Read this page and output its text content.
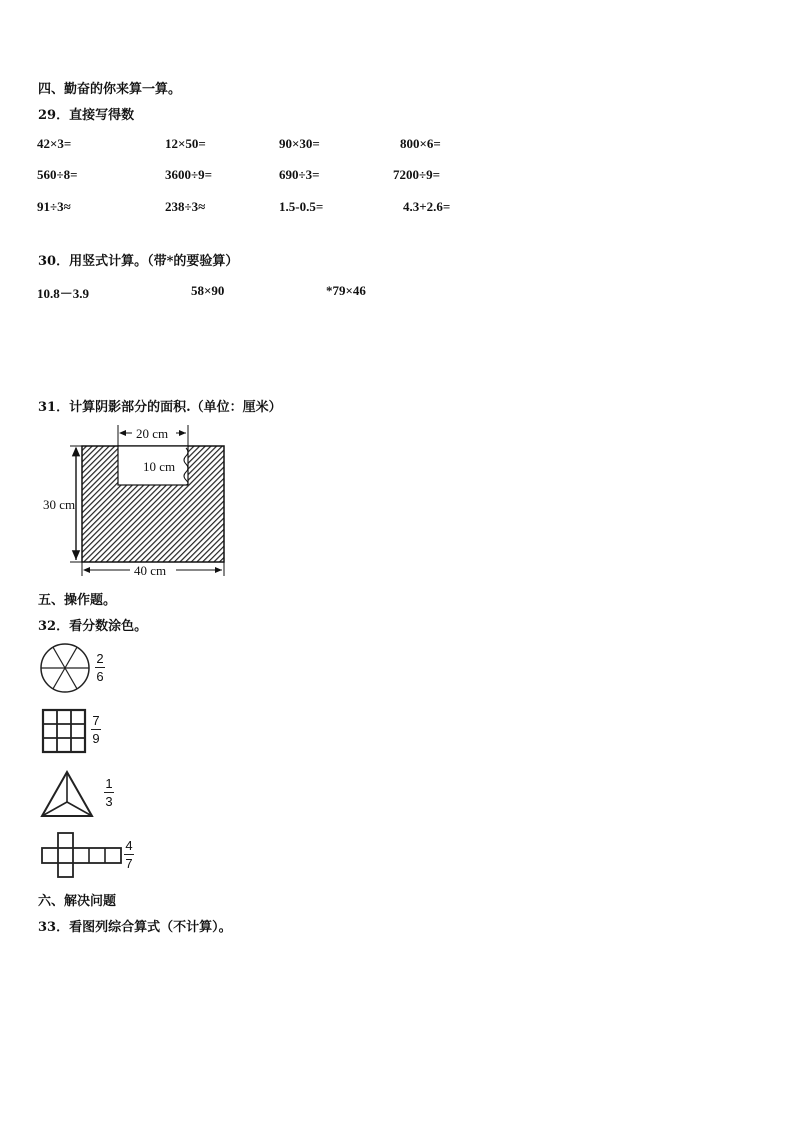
四、勤奋的你来算一算。
29．直接写得数
42×3=	12×50=	90×30=	800×6=
560÷8=	3600÷9=	690÷3=	7200÷9=
91÷3≈	238÷3≈	1.5-0.5=	4.3+2.6=
30．用竖式计算。（带*的要验算）
10.8－3.9	58×90	*79×46
31．计算阴影部分的面积.（单位：厘米）
20 cm
10 cm
30 cm
40 cm
五、操作题。
32．看分数涂色。
2
6
7
9
1
3
4
7
六、解决问题
33．看图列综合算式（不计算）。
